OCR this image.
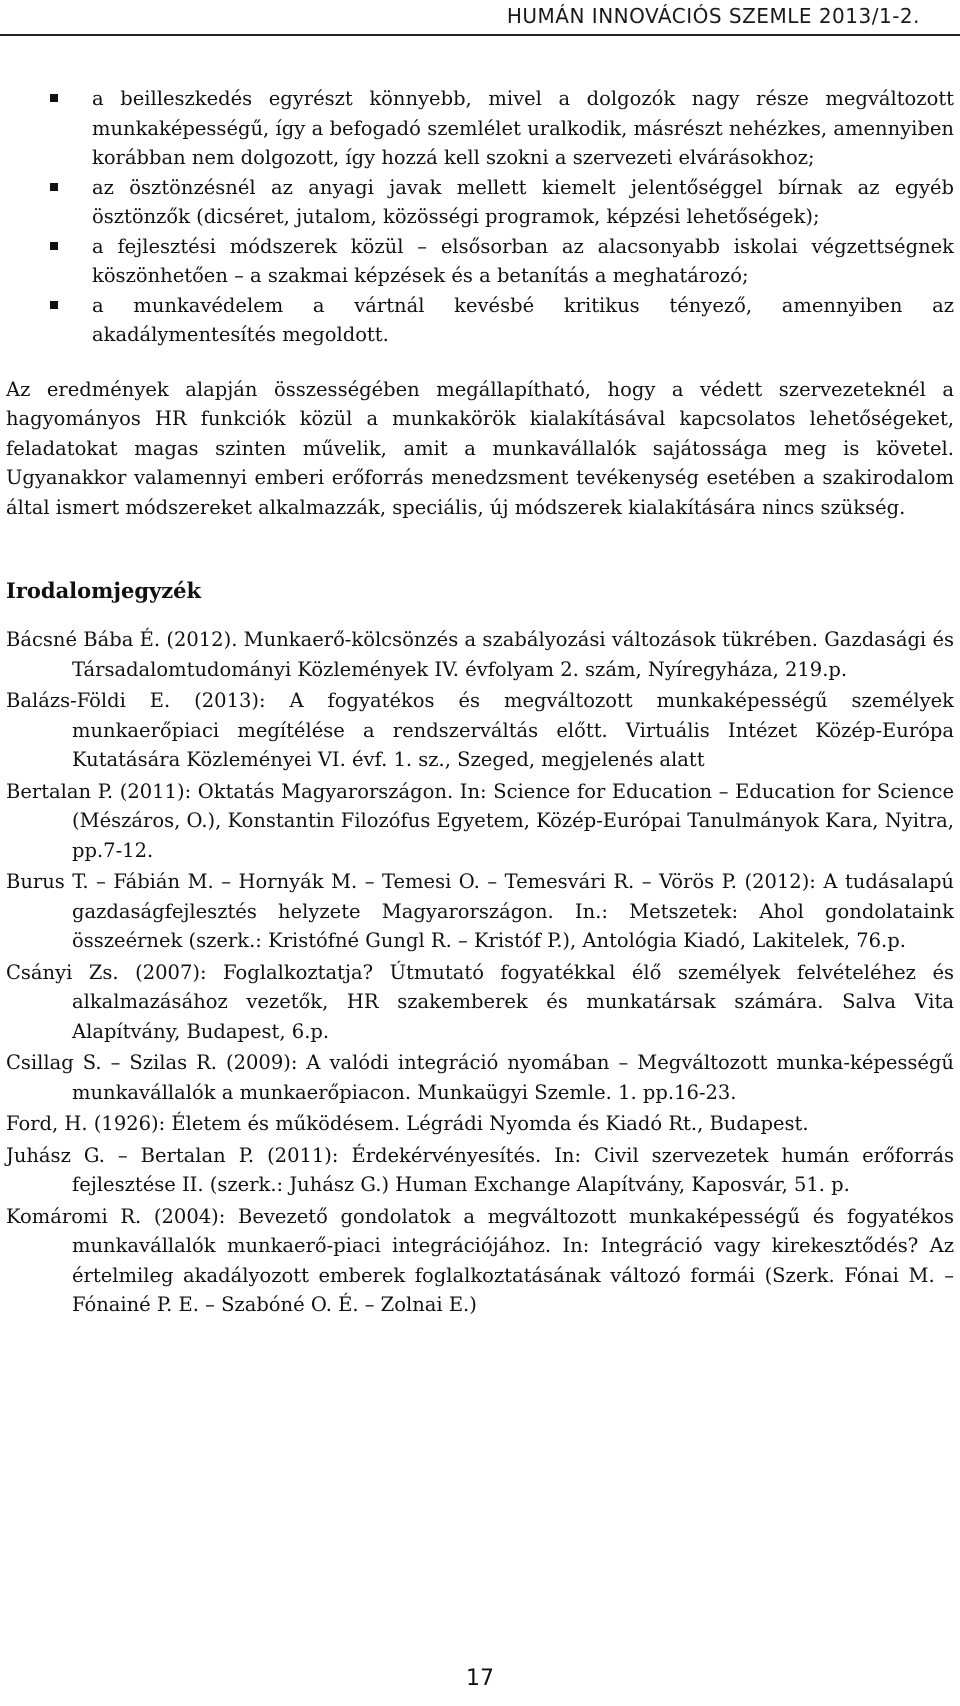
HUMÁN INNOVÁCIÓS SZEMLE 2013/1-2.
a beilleszkedés egyrészt könnyebb, mivel a dolgozók nagy része megváltozott munkaképességű, így a befogadó szemlélet uralkodik, másrészt nehézkes, amennyiben korábban nem dolgozott, így hozzá kell szokni a szervezeti elvárásokhoz;
az ösztönzésnél az anyagi javak mellett kiemelt jelentőséggel bírnak az egyéb ösztönzők (dicséret, jutalom, közösségi programok, képzési lehetőségek);
a fejlesztési módszerek közül – elsősorban az alacsonyabb iskolai végzettségnek köszönhetően – a szakmai képzések és a betanítás a meghatározó;
a munkavédelem a vártnál kevésbé kritikus tényező, amennyiben az akadálymentesítés megoldott.

Az eredmények alapján összességében megállapítható, hogy a védett szervezeteknél a hagyományos HR funkciók közül a munkakörök kialakításával kapcsolatos lehetőségeket, feladatokat magas szinten művelik, amit a munkavállalók sajátossága meg is követel. Ugyanakkor valamennyi emberi erőforrás menedzsment tevékenység esetében a szakirodalom által ismert módszereket alkalmazzák, speciális, új módszerek kialakítására nincs szükség.

Irodalomjegyzék
Bácsné Bába É. (2012). Munkaerő-kölcsönzés a szabályozási változások tükrében. Gazdasági és Társadalomtudományi Közlemények IV. évfolyam 2. szám, Nyíregyháza, 219.p.
Balázs-Földi E. (2013): A fogyatékos és megváltozott munkaképességű személyek munkaerőpiaci megítélése a rendszerváltás előtt. Virtuális Intézet Közép-Európa Kutatására Közleményei VI. évf. 1. sz., Szeged, megjelenés alatt
Bertalan P. (2011): Oktatás Magyarországon. In: Science for Education – Education for Science (Mészáros, O.), Konstantin Filozófus Egyetem, Közép-Európai Tanulmányok Kara, Nyitra, pp.7-12.
Burus T. – Fábián M. – Hornyák M. – Temesi O. – Temesvári R. – Vörös P. (2012): A tudásalapú gazdaságfejlesztés helyzete Magyarországon. In.: Metszetek: Ahol gondolataink összeérnek (szerk.: Kristófné Gungl R. – Kristóf P.), Antológia Kiadó, Lakitelek, 76.p.
Csányi Zs. (2007): Foglalkoztatja? Útmutató fogyatékkal élő személyek felvételéhez és alkalmazásához vezetők, HR szakemberek és munkatársak számára. Salva Vita Alapítvány, Budapest, 6.p.
Csillag S. – Szilas R. (2009): A valódi integráció nyomában – Megváltozott munka-képességű munkavállalók a munkaerőpiacon. Munkaügyi Szemle. 1. pp.16-23.
Ford, H. (1926): Életem és működésem. Légrádi Nyomda és Kiadó Rt., Budapest.
Juhász G. – Bertalan P. (2011): Érdekérvényesítés. In: Civil szervezetek humán erőforrás fejlesztése II. (szerk.: Juhász G.) Human Exchange Alapítvány, Kaposvár, 51. p.
Komáromi R. (2004): Bevezető gondolatok a megváltozott munkaképességű és fogyatékos munkavállalók munkaerő-piaci integrációjához. In: Integráció vagy kirekesztődés? Az értelmileg akadályozott emberek foglalkoztatásának változó formái (Szerk. Fónai M. – Fónainé P. E. – Szabóné O. É. – Zolnai E.)
17
